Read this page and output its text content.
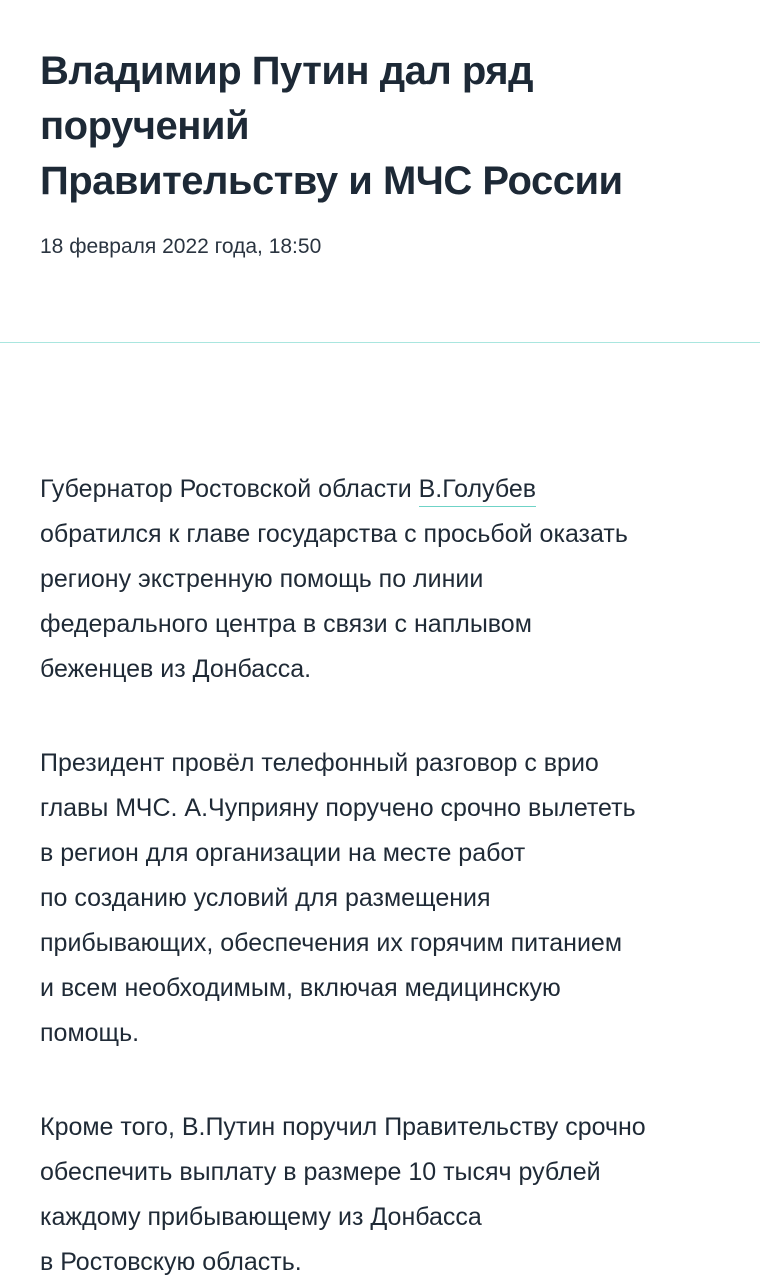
Владимир Путин дал ряд поручений
Правительству и МЧС России
18 февраля 2022 года, 18:50

Губернатор Ростовской области В.Голубев
обратился к главе государства с просьбой оказать
региону экстренную помощь по линии
федерального центра в связи с наплывом
беженцев из Донбасса.

Президент провёл телефонный разговор с врио
главы МЧС. А.Чуприяну поручено срочно вылететь
в регион для организации на месте работ
по созданию условий для размещения
прибывающих, обеспечения их горячим питанием
и всем необходимым, включая медицинскую
помощь.

Кроме того, В.Путин поручил Правительству срочно
обеспечить выплату в размере 10 тысяч рублей
каждому прибывающему из Донбасса
в Ростовскую область.
